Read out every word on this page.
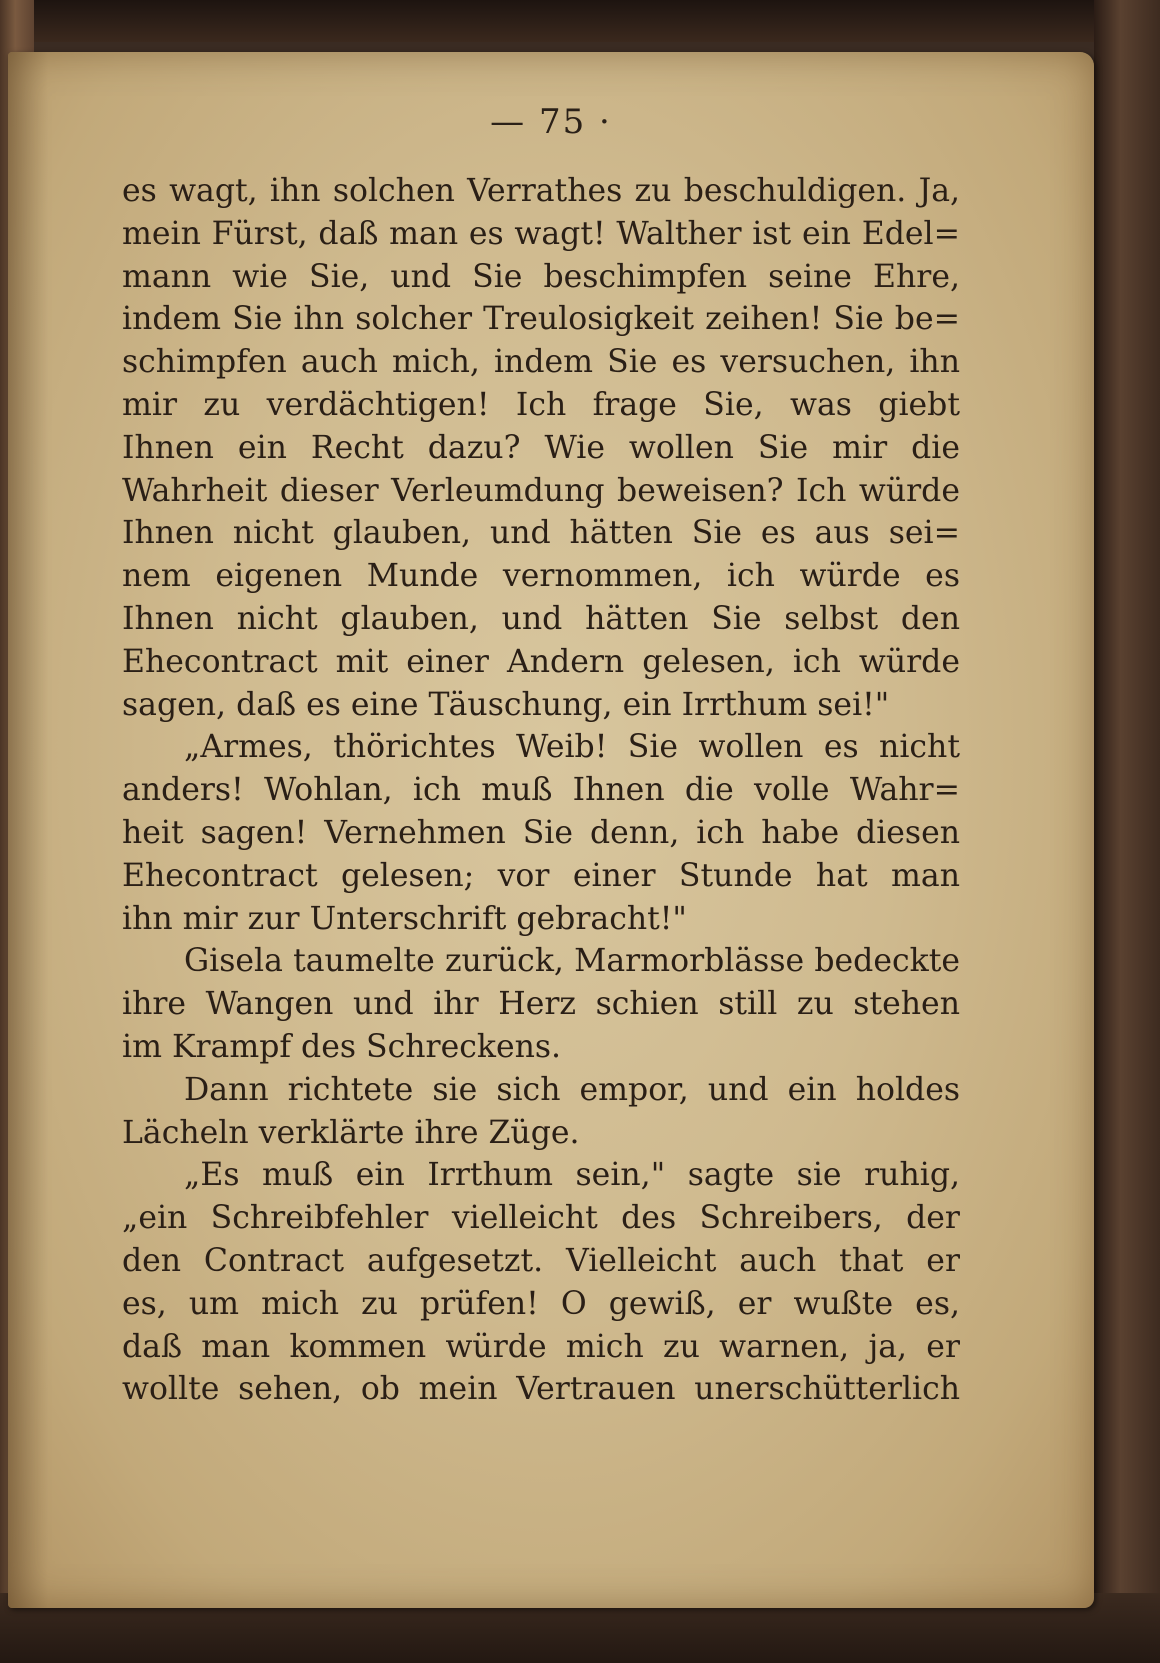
— 75 ·
es wagt, ihn solchen Verrathes zu beschuldigen. Ja,
mein Fürst, daß man es wagt! Walther ist ein Edel=
mann wie Sie, und Sie beschimpfen seine Ehre,
indem Sie ihn solcher Treulosigkeit zeihen! Sie be=
schimpfen auch mich, indem Sie es versuchen, ihn
mir zu verdächtigen! Ich frage Sie, was giebt
Ihnen ein Recht dazu? Wie wollen Sie mir die
Wahrheit dieser Verleumdung beweisen? Ich würde
Ihnen nicht glauben, und hätten Sie es aus sei=
nem eigenen Munde vernommen, ich würde es
Ihnen nicht glauben, und hätten Sie selbst den
Ehecontract mit einer Andern gelesen, ich würde
sagen, daß es eine Täuschung, ein Irrthum sei!"
„Armes, thörichtes Weib! Sie wollen es nicht
anders! Wohlan, ich muß Ihnen die volle Wahr=
heit sagen! Vernehmen Sie denn, ich habe diesen
Ehecontract gelesen; vor einer Stunde hat man
ihn mir zur Unterschrift gebracht!"
Gisela taumelte zurück, Marmorblässe bedeckte
ihre Wangen und ihr Herz schien still zu stehen
im Krampf des Schreckens.
Dann richtete sie sich empor, und ein holdes
Lächeln verklärte ihre Züge.
„Es muß ein Irrthum sein," sagte sie ruhig,
„ein Schreibfehler vielleicht des Schreibers, der
den Contract aufgesetzt. Vielleicht auch that er
es, um mich zu prüfen! O gewiß, er wußte es,
daß man kommen würde mich zu warnen, ja, er
wollte sehen, ob mein Vertrauen unerschütterlich
